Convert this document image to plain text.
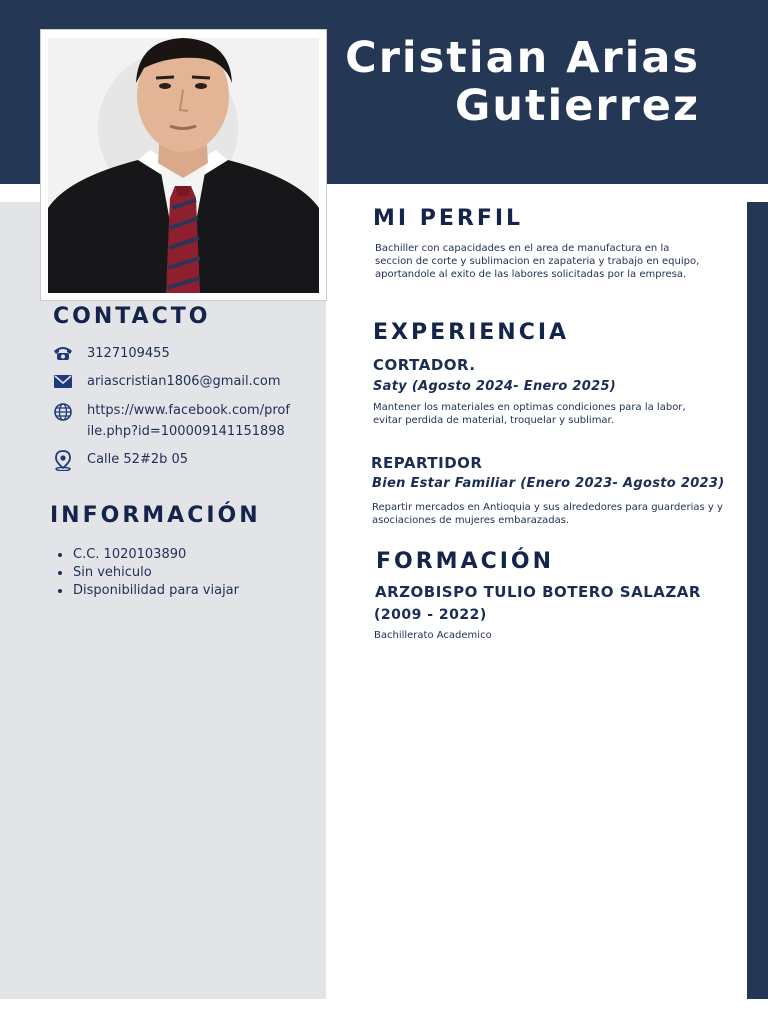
Cristian Arias
Gutierrez
CONTACTO
3127109455
ariascristian1806@gmail.com
https://www.facebook.com/profile.php?id=100009141151898
Calle 52#2b 05
INFORMACIÓN
C.C. 1020103890
Sin vehiculo
Disponibilidad para viajar
MI PERFIL

Bachiller con capacidades en el area de manufactura en la seccion de corte y sublimacion en zapateria y trabajo en equipo, aportandole al exito de las labores solicitadas por la empresa.

EXPERIENCIA
CORTADOR.

Saty (Agosto 2024- Enero 2025)

Mantener los materiales en optimas condiciones para la labor, evitar perdida de material, troquelar y sublimar.

REPARTIDOR

Bien Estar Familiar (Enero 2023- Agosto 2023)

Repartir mercados en Antioquia y sus alrededores para guarderias y y asociaciones de mujeres embarazadas.

FORMACIÓN
ARZOBISPO TULIO BOTERO SALAZAR

(2009 - 2022)

Bachillerato Academico
